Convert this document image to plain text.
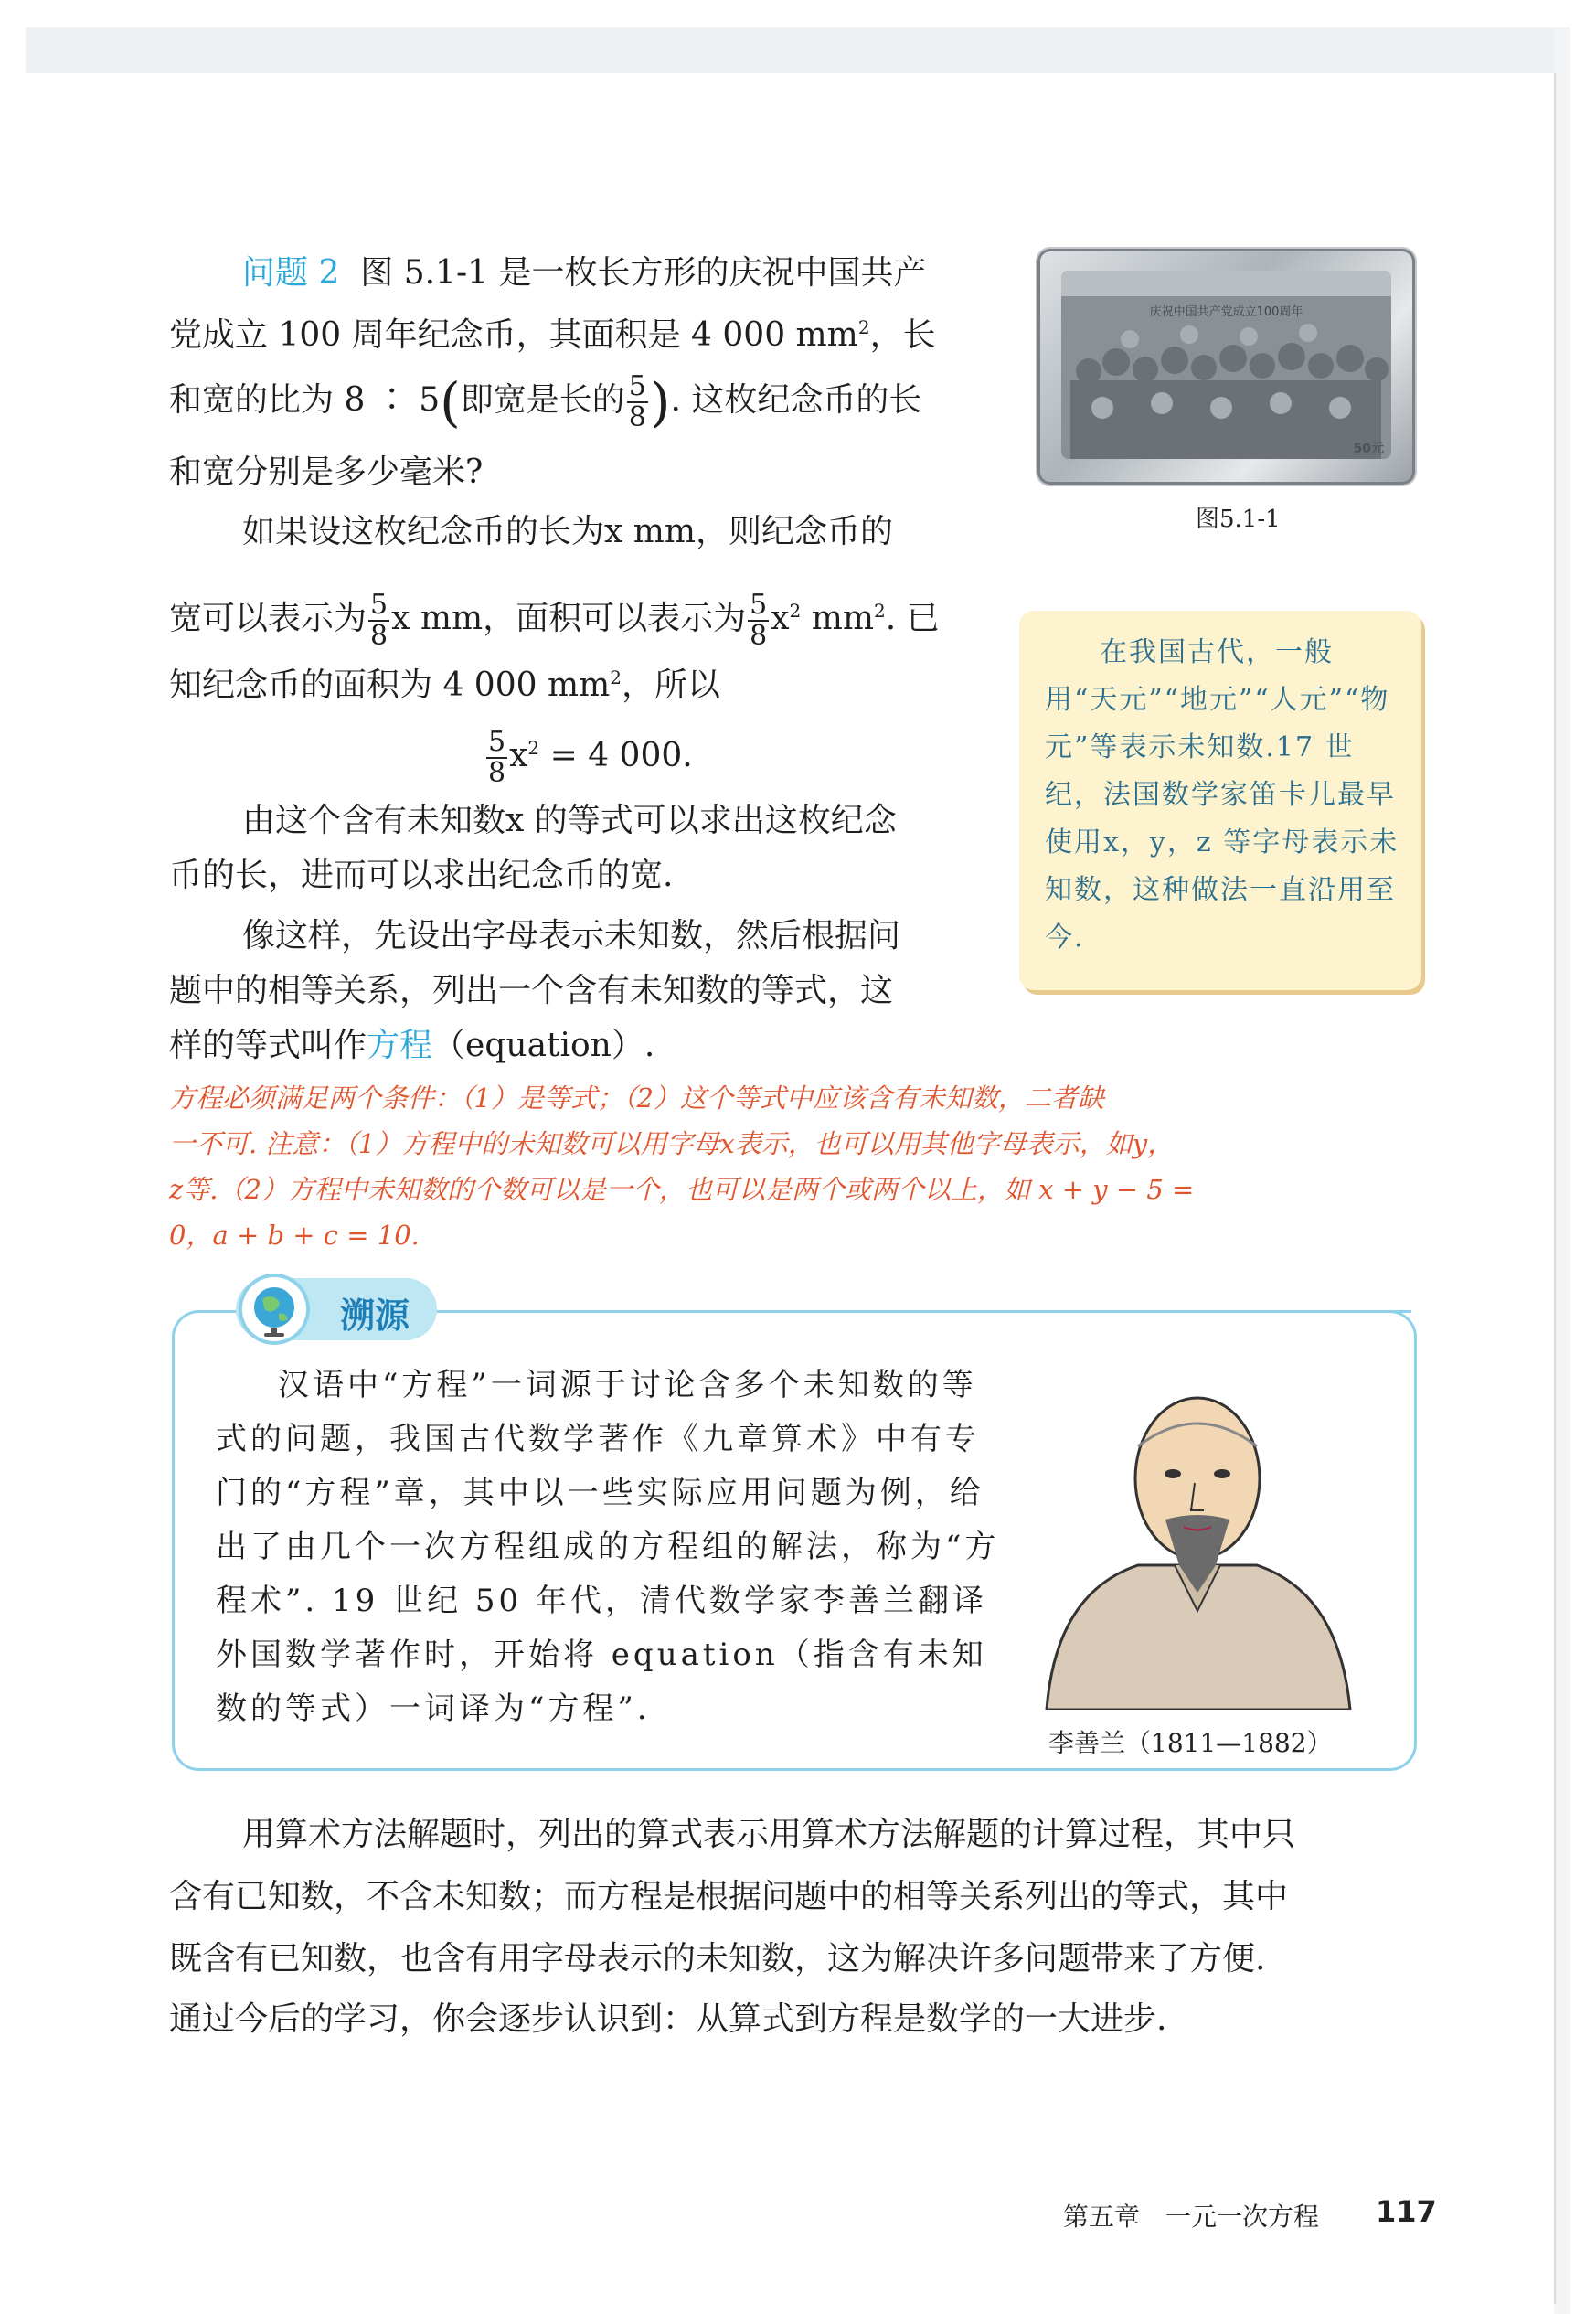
问题 2 图 5.1-1 是一枚长方形的庆祝中国共产
党成立 100 周年纪念币，其面积是 4 000 $mm^2$，长
和宽的比为 8 ∶ 5(即宽是长的 $\frac{5}{8}$ ). 这枚纪念币的长
和宽分别是多少毫米?
如果设这枚纪念币的长为x mm，则纪念币的
宽可以表示为 $\frac{5}{8}$ x mm，面积可以表示为 $\frac{5}{8} x^2$ $mm^2$. 已
知纪念币的面积为 4 000 $mm^2$，所以
$\frac{5}{8} x^2 = 4$ 000.
由这个含有未知数x 的等式可以求出这枚纪念
币的长，进而可以求出纪念币的宽.
像这样，先设出字母表示未知数，然后根据问
题中的相等关系，列出一个含有未知数的等式，这
样的等式叫作方程（equation）.
庆祝中国共产党成立100周年
50元
图5.1-1
在我国古代，一般用“天元”“地元”“人元”“物元”等表示未知数.17 世纪，法国数学家笛卡儿最早使用x，y，z 等字母表示未知数，这种做法一直沿用至今.
方程必须满足两个条件：（1）是等式；（2）这个等式中应该含有未知数，二者缺
一不可. 注意：（1）方程中的未知数可以用字母x表示，也可以用其他字母表示，如y，
z等.（2）方程中未知数的个数可以是一个，也可以是两个或两个以上，如 x + y − 5 =
0，a + b + c = 10.
溯源
汉语中“方程”一词源于讨论含多个未知数的等式的问题，我国古代数学著作《九章算术》中有专门的“方程”章，其中以一些实际应用问题为例，给出了由几个一次方程组成的方程组的解法，称为“方程术”. 19 世纪 50 年代，清代数学家李善兰翻译外国数学著作时，开始将 equation（指含有未知数的等式）一词译为“方程”.
李善兰（1811—1882）
用算术方法解题时，列出的算式表示用算术方法解题的计算过程，其中只
含有已知数，不含未知数；而方程是根据问题中的相等关系列出的等式，其中
既含有已知数，也含有用字母表示的未知数，这为解决许多问题带来了方便.
通过今后的学习，你会逐步认识到：从算式到方程是数学的一大进步.
第五章　一元一次方程 117
